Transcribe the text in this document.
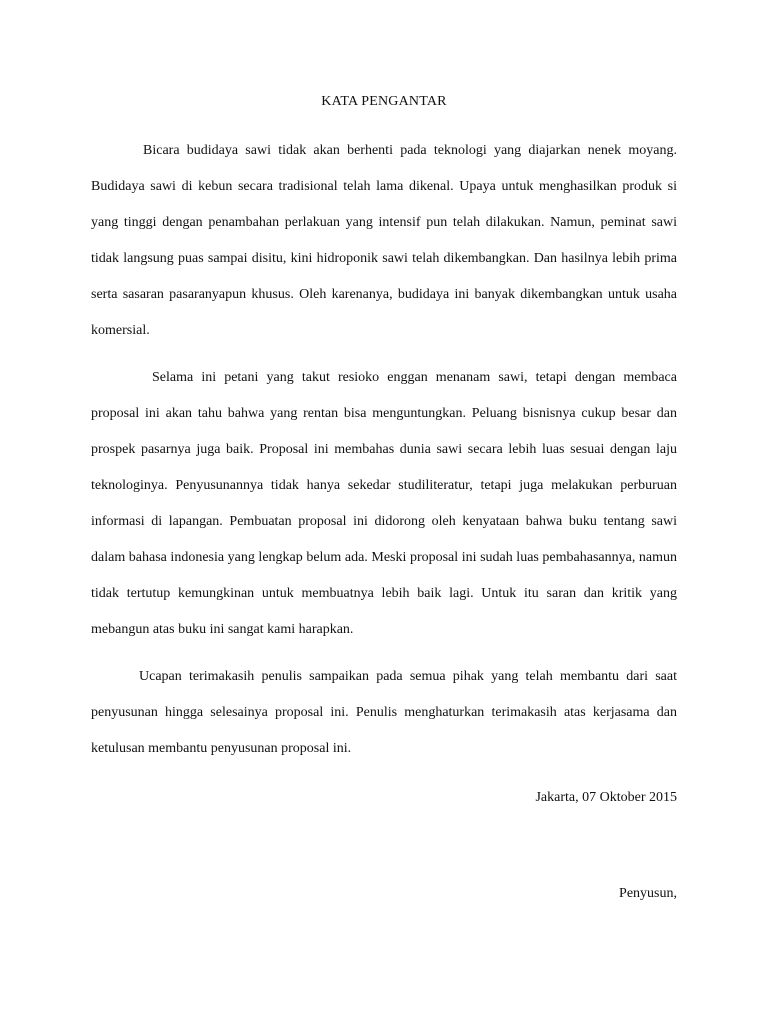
KATA PENGANTAR

Bicara budidaya sawi tidak akan berhenti pada teknologi yang diajarkan nenek moyang. Budidaya sawi di kebun secara tradisional telah lama dikenal. Upaya untuk menghasilkan produk si yang tinggi dengan penambahan perlakuan yang intensif pun telah dilakukan. Namun, peminat sawi tidak langsung puas sampai disitu, kini hidroponik sawi telah dikembangkan. Dan hasilnya lebih prima serta sasaran pasaranyapun khusus. Oleh karenanya, budidaya ini banyak dikembangkan untuk usaha komersial.

Selama ini petani yang takut resioko enggan menanam sawi, tetapi dengan membaca proposal ini akan tahu bahwa yang rentan bisa menguntungkan. Peluang bisnisnya cukup besar dan prospek pasarnya juga baik. Proposal ini membahas dunia sawi secara lebih luas sesuai dengan laju teknologinya. Penyusunannya tidak hanya sekedar studiliteratur, tetapi juga melakukan perburuan informasi di lapangan. Pembuatan proposal ini didorong oleh kenyataan bahwa buku tentang sawi dalam bahasa indonesia yang lengkap belum ada. Meski proposal ini sudah luas pembahasannya, namun tidak tertutup kemungkinan untuk membuatnya lebih baik lagi. Untuk itu saran dan kritik yang mebangun atas buku ini sangat kami harapkan.

Ucapan terimakasih penulis sampaikan pada semua pihak yang telah membantu dari saat penyusunan hingga selesainya proposal ini. Penulis menghaturkan terimakasih atas kerjasama dan ketulusan membantu penyusunan proposal ini.

Jakarta, 07 Oktober 2015
Penyusun,
